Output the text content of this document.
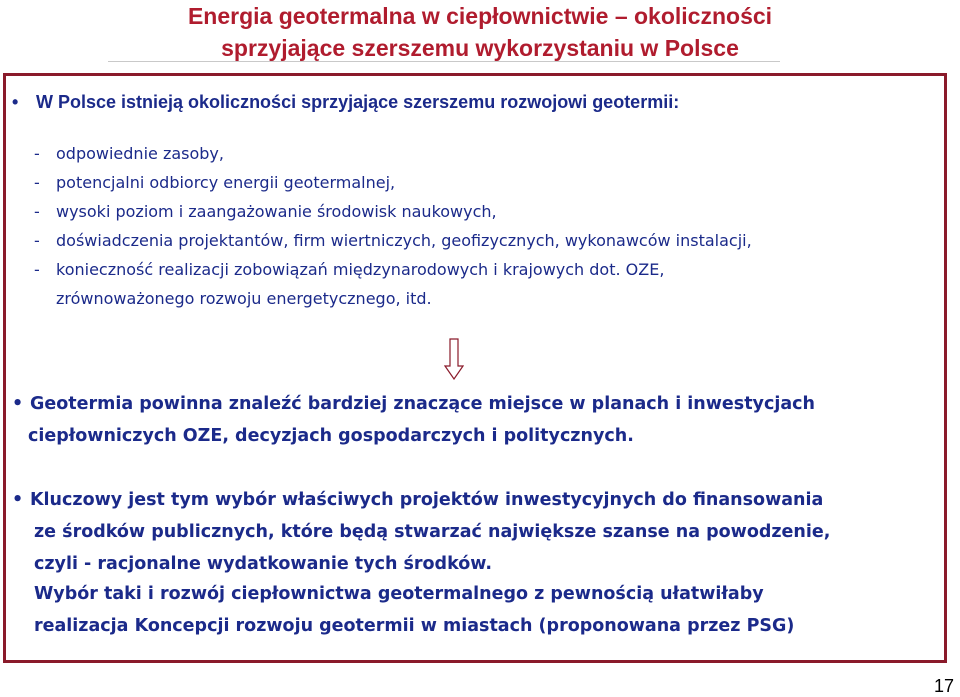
Energia geotermalna w ciepłownictwie – okoliczności
sprzyjające szerszemu wykorzystaniu w Polsce
• W Polsce istnieją okoliczności sprzyjające szerszemu rozwojowi geotermii:
- odpowiednie zasoby,
- potencjalni odbiorcy energii geotermalnej,
- wysoki poziom i zaangażowanie środowisk naukowych,
- doświadczenia projektantów, firm wiertniczych, geofizycznych, wykonawców instalacji,
- konieczność realizacji zobowiązań międzynarodowych i krajowych dot. OZE,
zrównoważonego rozwoju energetycznego, itd.
• Geotermia powinna znaleźć bardziej znaczące miejsce w planach i inwestycjach
ciepłowniczych OZE, decyzjach gospodarczych i politycznych.
• Kluczowy jest tym wybór właściwych projektów inwestycyjnych do finansowania
ze środków publicznych, które będą stwarzać największe szanse na powodzenie,
czyli - racjonalne wydatkowanie tych środków.
Wybór taki i rozwój ciepłownictwa geotermalnego z pewnością ułatwiłaby
realizacja Koncepcji rozwoju geotermii w miastach (proponowana przez PSG)
17
